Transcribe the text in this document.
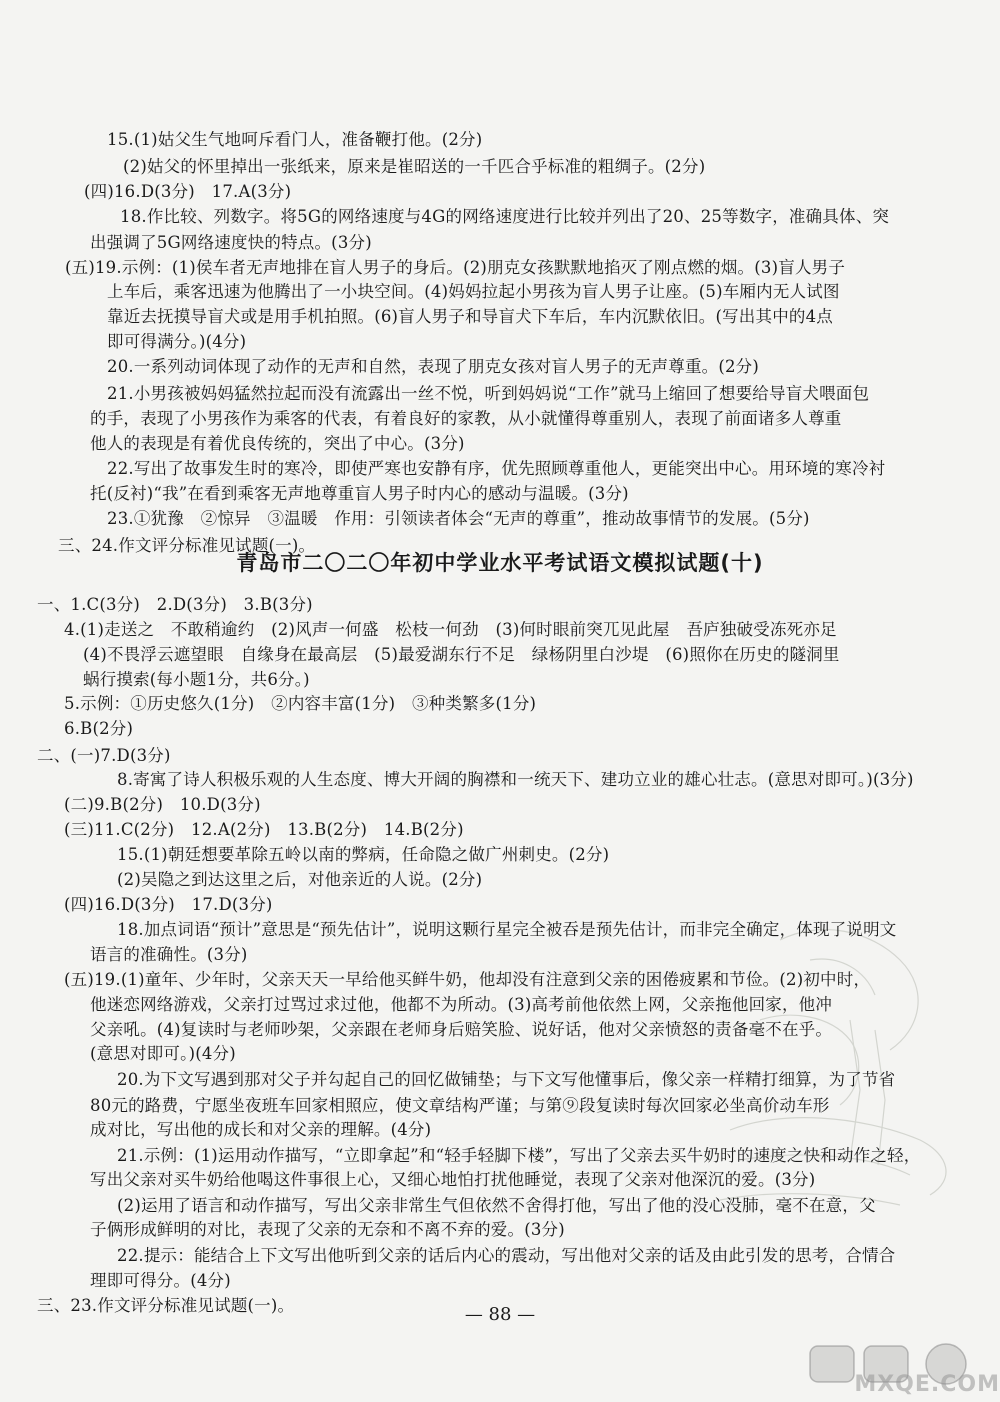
15.(1)姑父生气地呵斥看门人，准备鞭打他。(2分)
(2)姑父的怀里掉出一张纸来，原来是崔昭送的一千匹合乎标准的粗绸子。(2分)
(四)16.D(3分)　17.A(3分)
18.作比较、列数字。将5G的网络速度与4G的网络速度进行比较并列出了20、25等数字，准确具体、突
出强调了5G网络速度快的特点。(3分)
(五)19.示例：(1)侯车者无声地排在盲人男子的身后。(2)朋克女孩默默地掐灭了刚点燃的烟。(3)盲人男子
上车后，乘客迅速为他腾出了一小块空间。(4)妈妈拉起小男孩为盲人男子让座。(5)车厢内无人试图
靠近去抚摸导盲犬或是用手机拍照。(6)盲人男子和导盲犬下车后，车内沉默依旧。(写出其中的4点
即可得满分。)(4分)
20.一系列动词体现了动作的无声和自然，表现了朋克女孩对盲人男子的无声尊重。(2分)
21.小男孩被妈妈猛然拉起而没有流露出一丝不悦，听到妈妈说“工作”就马上缩回了想要给导盲犬喂面包
的手，表现了小男孩作为乘客的代表，有着良好的家教，从小就懂得尊重别人，表现了前面诸多人尊重
他人的表现是有着优良传统的，突出了中心。(3分)
22.写出了故事发生时的寒冷，即使严寒也安静有序，优先照顾尊重他人，更能突出中心。用环境的寒冷衬
托(反衬)“我”在看到乘客无声地尊重盲人男子时内心的感动与温暖。(3分)
23.①犹豫　②惊异　③温暖　作用：引领读者体会“无声的尊重”，推动故事情节的发展。(5分)
三、24.作文评分标准见试题(一)。
青岛市二〇二〇年初中学业水平考试语文模拟试题(十)
一、1.C(3分)　2.D(3分)　3.B(3分)
4.(1)走送之　不敢稍逾约　(2)风声一何盛　松枝一何劲　(3)何时眼前突兀见此屋　吾庐独破受冻死亦足
(4)不畏浮云遮望眼　自缘身在最高层　(5)最爱湖东行不足　绿杨阴里白沙堤　(6)照你在历史的隧洞里
蜗行摸索(每小题1分，共6分。)
5.示例：①历史悠久(1分)　②内容丰富(1分)　③种类繁多(1分)
6.B(2分)
二、(一)7.D(3分)
8.寄寓了诗人积极乐观的人生态度、博大开阔的胸襟和一统天下、建功立业的雄心壮志。(意思对即可。)(3分)
(二)9.B(2分)　10.D(3分)
(三)11.C(2分)　12.A(2分)　13.B(2分)　14.B(2分)
15.(1)朝廷想要革除五岭以南的弊病，任命隐之做广州刺史。(2分)
(2)吴隐之到达这里之后，对他亲近的人说。(2分)
(四)16.D(3分)　17.D(3分)
18.加点词语“预计”意思是“预先估计”，说明这颗行星完全被吞是预先估计，而非完全确定，体现了说明文
语言的准确性。(3分)
(五)19.(1)童年、少年时，父亲天天一早给他买鲜牛奶，他却没有注意到父亲的困倦疲累和节俭。(2)初中时，
他迷恋网络游戏，父亲打过骂过求过他，他都不为所动。(3)高考前他依然上网，父亲拖他回家，他冲
父亲吼。(4)复读时与老师吵架，父亲跟在老师身后赔笑脸、说好话，他对父亲愤怒的责备毫不在乎。
(意思对即可。)(4分)
20.为下文写遇到那对父子并勾起自己的回忆做铺垫；与下文写他懂事后，像父亲一样精打细算，为了节省
80元的路费，宁愿坐夜班车回家相照应，使文章结构严谨；与第⑨段复读时每次回家必坐高价动车形
成对比，写出他的成长和对父亲的理解。(4分)
21.示例：(1)运用动作描写，“立即拿起”和“轻手轻脚下楼”，写出了父亲去买牛奶时的速度之快和动作之轻，
写出父亲对买牛奶给他喝这件事很上心，又细心地怕打扰他睡觉，表现了父亲对他深沉的爱。(3分)
(2)运用了语言和动作描写，写出父亲非常生气但依然不舍得打他，写出了他的没心没肺，毫不在意，父
子俩形成鲜明的对比，表现了父亲的无奈和不离不弃的爱。(3分)
22.提示：能结合上下文写出他听到父亲的话后内心的震动，写出他对父亲的话及由此引发的思考，合情合
理即可得分。(4分)
三、23.作文评分标准见试题(一)。	— 88 —
MXQE.COM
